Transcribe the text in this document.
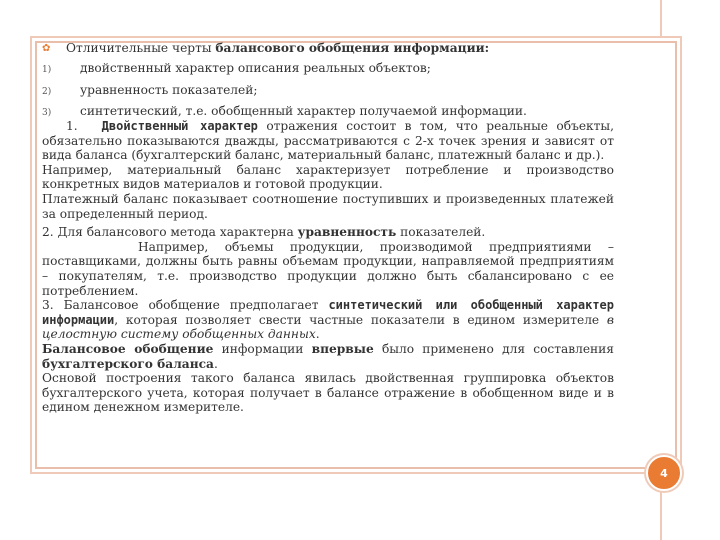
✿ Отличительные черты балансового обобщения информации:
1) двойственный характер описания реальных объектов;
2) уравненность показателей;
3) синтетический, т.е. обобщенный характер получаемой информации.

1. Двойственный характер отражения состоит в том, что реальные объекты, обязательно показываются дважды, рассматриваются с 2-х точек зрения и зависят от вида баланса (бухгалтерский баланс, материальный баланс, платежный баланс и др.).

Например, материальный баланс характеризует потребление и производство конкретных видов материалов и готовой продукции.

Платежный баланс показывает соотношение поступивших и произведенных платежей за определенный период.

2. Для балансового метода характерна уравненность показателей.

Например, объемы продукции, производимой предприятиями – поставщиками, должны быть равны объемам продукции, направляемой предприятиям – покупателям, т.е. производство продукции должно быть сбалансировано с ее потреблением.

3. Балансовое обобщение предполагает синтетический или обобщенный характер информации, которая позволяет свести частные показатели в едином измерителе в целостную систему обобщенных данных.

Балансовое обобщение информации впервые было применено для составления бухгалтерского баланса.

Основой построения такого баланса явилась двойственная группировка объектов бухгалтерского учета, которая получает в балансе отражение в обобщенном виде и в едином денежном измерителе.

4
